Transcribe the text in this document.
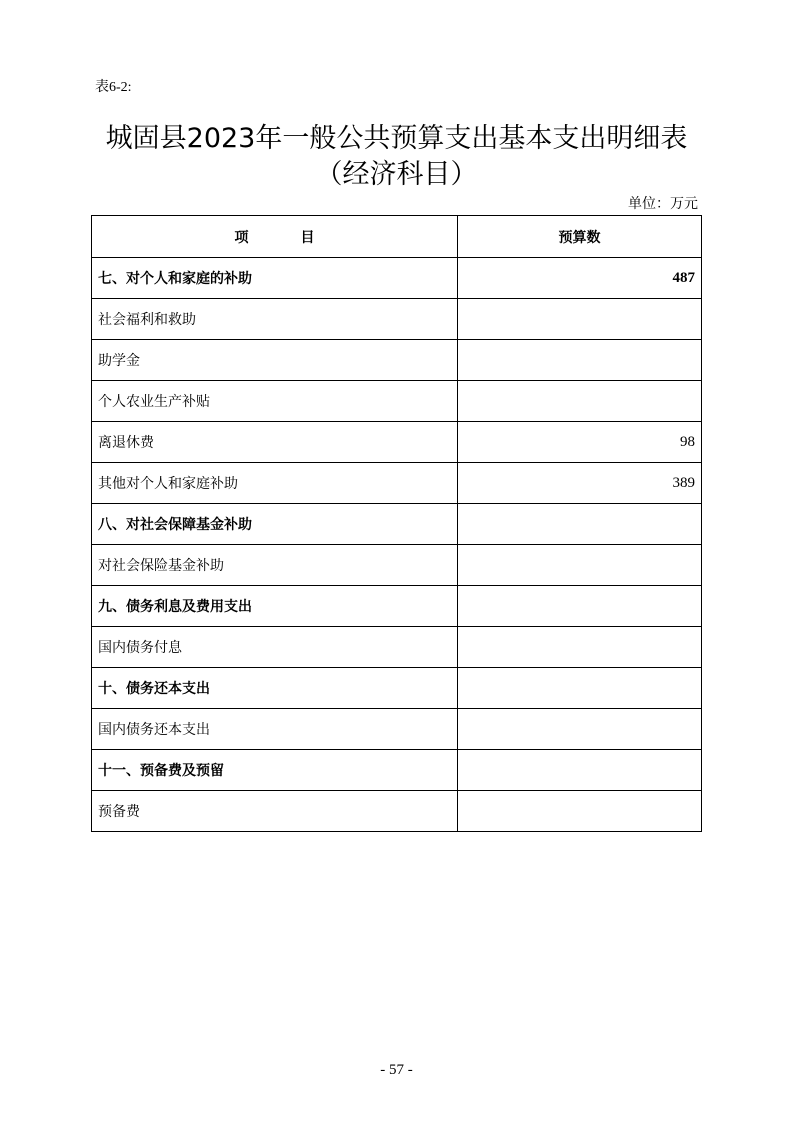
表6-2:
城固县2023年一般公共预算支出基本支出明细表
（经济科目）
单位：万元
项 目	预算数
七、对个人和家庭的补助	487
社会福利和救助	
助学金	
个人农业生产补贴	
离退休费	98
其他对个人和家庭补助	389
八、对社会保障基金补助	
对社会保险基金补助	
九、债务利息及费用支出	
国内债务付息	
十、债务还本支出	
国内债务还本支出	
十一、预备费及预留	
预备费	
- 57 -
